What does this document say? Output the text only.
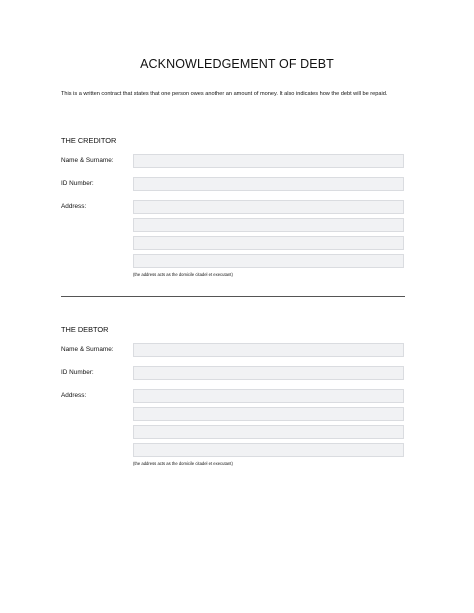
ACKNOWLEDGEMENT OF DEBT
This is a written contract that states that one person owes another an amount of money. It also indicates how the debt will be repaid.
THE CREDITOR
Name & Surname:
ID Number:
Address:
(the address acts as the domicile citadel et executant)
THE DEBTOR
Name & Surname:
ID Number:
Address:
(the address acts as the domicile citadel et executant)
